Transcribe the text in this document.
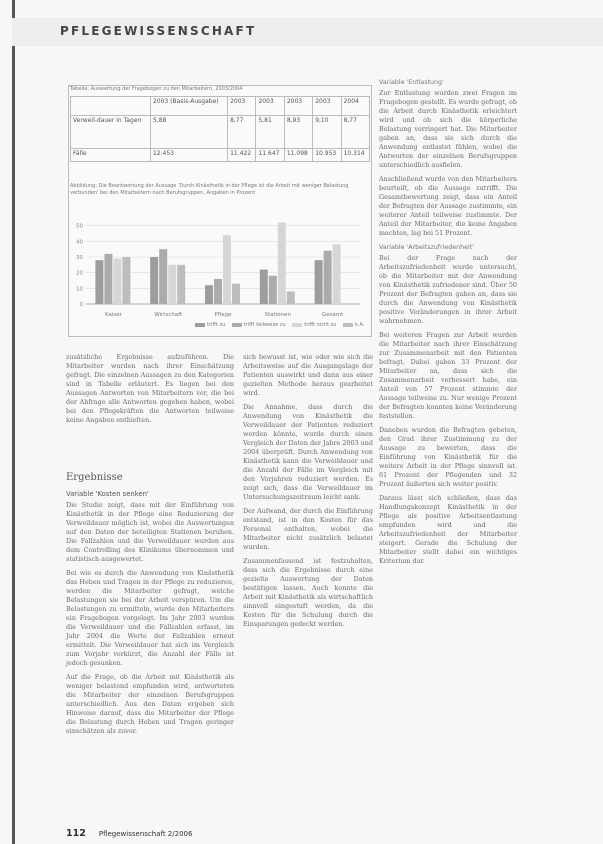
PFLEGEWISSENSCHAFT
Tabelle: Auswertung der Fragebogen zu den Mitarbeitern, 2003/2004
	2003 (Basis-Ausgabe)	2003	2003	2003	2003	2004
Verweil-dauer in Tagen	5,88	8,77	5,81	8,93	9,10	8,77
Fälle	12.453	11.422	11.647	11.098	10.953	10.314
Abbildung: Die Beantwortung der Aussage 'Durch Kinästhetik in der Pflege ist die Arbeit mit weniger Belastung verbunden' bei den Mitarbeitern nach Berufsgruppen, Angaben in Prozent
0
10
20
30
40
50
Kaiser	Wirtschaft	Pflege	Stationen	Gesamt
trifft zu	trifft teilweise zu	trifft nicht zu	k.A.

zusätzliche Ergebnisse aufzuführen. Die Mitarbeiter wurden nach ihrer Einschätzung gefragt. Die einzelnen Aussagen zu den Kategorien sind in Tabelle erläutert. Es liegen bei den Aussagen Antworten von Mitarbeitern vor, die bei der Abfrage alle Antworten gegeben haben, wobei bei den Pflegekräften die Antworten teilweise keine Angaben enthielten.

Ergebnisse
Variable 'Kosten senken'

Die Studie zeigt, dass mit der Einführung von Kinästhetik in der Pflege eine Reduzierung der Verweildauer möglich ist, wobei die Auswertungen auf den Daten der beteiligten Stationen beruhen. Die Fallzahlen und die Verweildauer wurden aus dem Controlling des Klinikums übernommen und statistisch ausgewertet.

Bei wie es durch die Anwendung von Kinästhetik das Heben und Tragen in der Pflege zu reduzieren, werden die Mitarbeiter gefragt, welche Belastungen sie bei der Arbeit verspüren. Um die Belastungen zu ermitteln, wurde den Mitarbeitern ein Fragebogen vorgelegt. Im Jahr 2003 wurden die Verweildauer und die Fallzahlen erfasst, im Jahr 2004 die Werte der Fallzahlen erneut ermittelt. Die Verweildauer hat sich im Vergleich zum Vorjahr verkürzt, die Anzahl der Fälle ist jedoch gesunken.

Auf die Frage, ob die Arbeit mit Kinästhetik als weniger belastend empfunden wird, antworteten die Mitarbeiter der einzelnen Berufsgruppen unterschiedlich. Aus den Daten ergeben sich Hinweise darauf, dass die Mitarbeiter der Pflege die Belastung durch Heben und Tragen geringer einschätzen als zuvor.

sich bewusst ist, wie oder wie sich die Arbeitsweise auf die Ausgangslage der Patienten auswirkt und dann aus einer gezielten Methode heraus gearbeitet wird.

Die Annahme, dass durch die Anwendung von Kinästhetik die Verweildauer der Patienten reduziert werden könnte, wurde durch einen Vergleich der Daten der Jahre 2003 und 2004 überprüft. Durch Anwendung von Kinästhetik kann die Verweildauer und die Anzahl der Fälle im Vergleich mit den Vorjahren reduziert werden. Es zeigt sich, dass die Verweildauer im Untersuchungszeitraum leicht sank.

Der Aufwand, der durch die Einführung entstand, ist in den Kosten für das Personal enthalten, wobei die Mitarbeiter nicht zusätzlich belastet wurden.

Zusammenfassend ist festzuhalten, dass sich die Ergebnisse durch eine gezielte Auswertung der Daten bestätigen lassen. Auch konnte die Arbeit mit Kinästhetik als wirtschaftlich sinnvoll eingestuft werden, da die Kosten für die Schulung durch die Einsparungen gedeckt werden.

Variable 'Entlastung'

Zur Entlastung wurden zwei Fragen im Fragebogen gestellt. Es wurde gefragt, ob die Arbeit durch Kinästhetik erleichtert wird und ob sich die körperliche Belastung verringert hat. Die Mitarbeiter gaben an, dass sie sich durch die Anwendung entlastet fühlen, wobei die Antworten der einzelnen Berufsgruppen unterschiedlich ausfielen.

Anschließend wurde von den Mitarbeitern beurteilt, ob die Aussage zutrifft. Die Gesamtbewertung zeigt, dass ein Anteil der Befragten der Aussage zustimmte, ein weiterer Anteil teilweise zustimmte. Der Anteil der Mitarbeiter, die keine Angaben machten, lag bei 51 Prozent.

Variable 'Arbeitszufriedenheit'

Bei der Frage nach der Arbeitszufriedenheit wurde untersucht, ob die Mitarbeiter mit der Anwendung von Kinästhetik zufriedener sind. Über 50 Prozent der Befragten gaben an, dass sie durch die Anwendung von Kinästhetik positive Veränderungen in ihrer Arbeit wahrnehmen.

Bei weiteren Fragen zur Arbeit wurden die Mitarbeiter nach ihrer Einschätzung zur Zusammenarbeit mit den Patienten befragt. Dabei gaben 33 Prozent der Mitarbeiter an, dass sich die Zusammenarbeit verbessert habe, ein Anteil von 57 Prozent stimmte der Aussage teilweise zu. Nur wenige Prozent der Befragten konnten keine Veränderung feststellen.

Daneben wurden die Befragten gebeten, den Grad ihrer Zustimmung zu der Aussage zu bewerten, dass die Einführung von Kinästhetik für die weitere Arbeit in der Pflege sinnvoll ist. 61 Prozent der Pflegenden und 32 Prozent äußerten sich weiter positiv.

Daraus lässt sich schließen, dass das Handlungskonzept Kinästhetik in der Pflege als positive Arbeitsentlastung empfunden wird und die Arbeitszufriedenheit der Mitarbeiter steigert. Gerade die Schulung der Mitarbeiter stellt dabei ein wichtiges Kriterium dar.

112 Pflegewissenschaft 2/2006
